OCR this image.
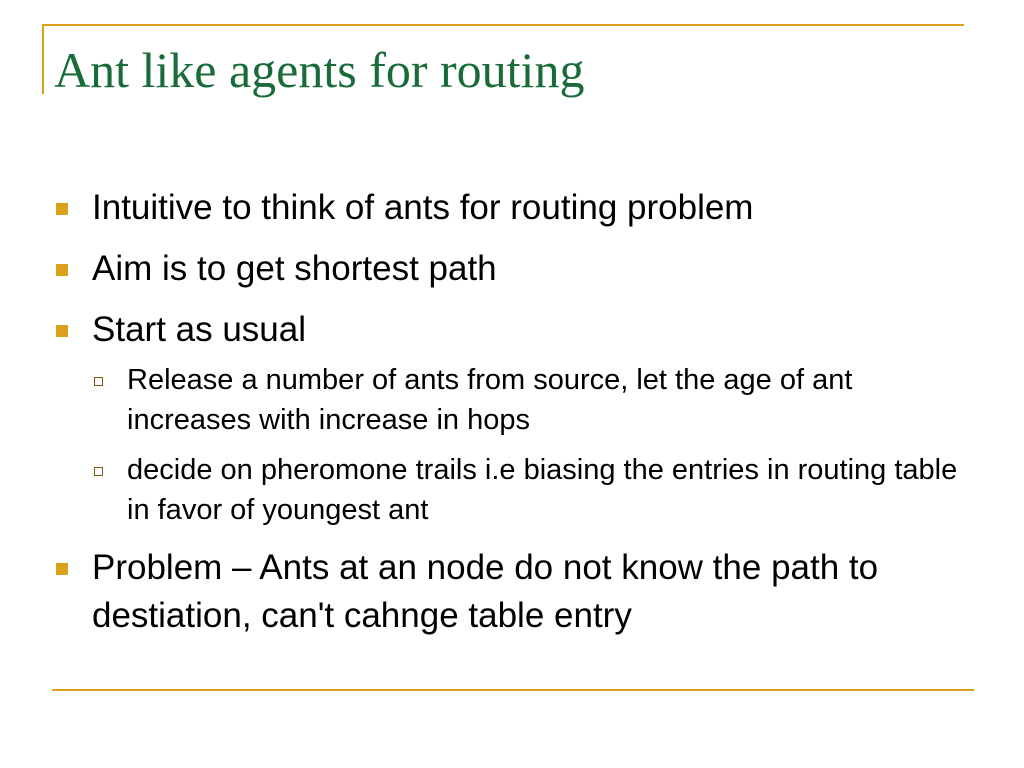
Ant like agents for routing
Intuitive to think of ants for routing problem
Aim is to get shortest path
Start as usual
Release a number of ants from source, let the age of ant increases with increase in hops
decide on pheromone trails i.e biasing the entries in routing table in favor of youngest ant
Problem – Ants at an node do not know the path to destiation, can't cahnge table entry
